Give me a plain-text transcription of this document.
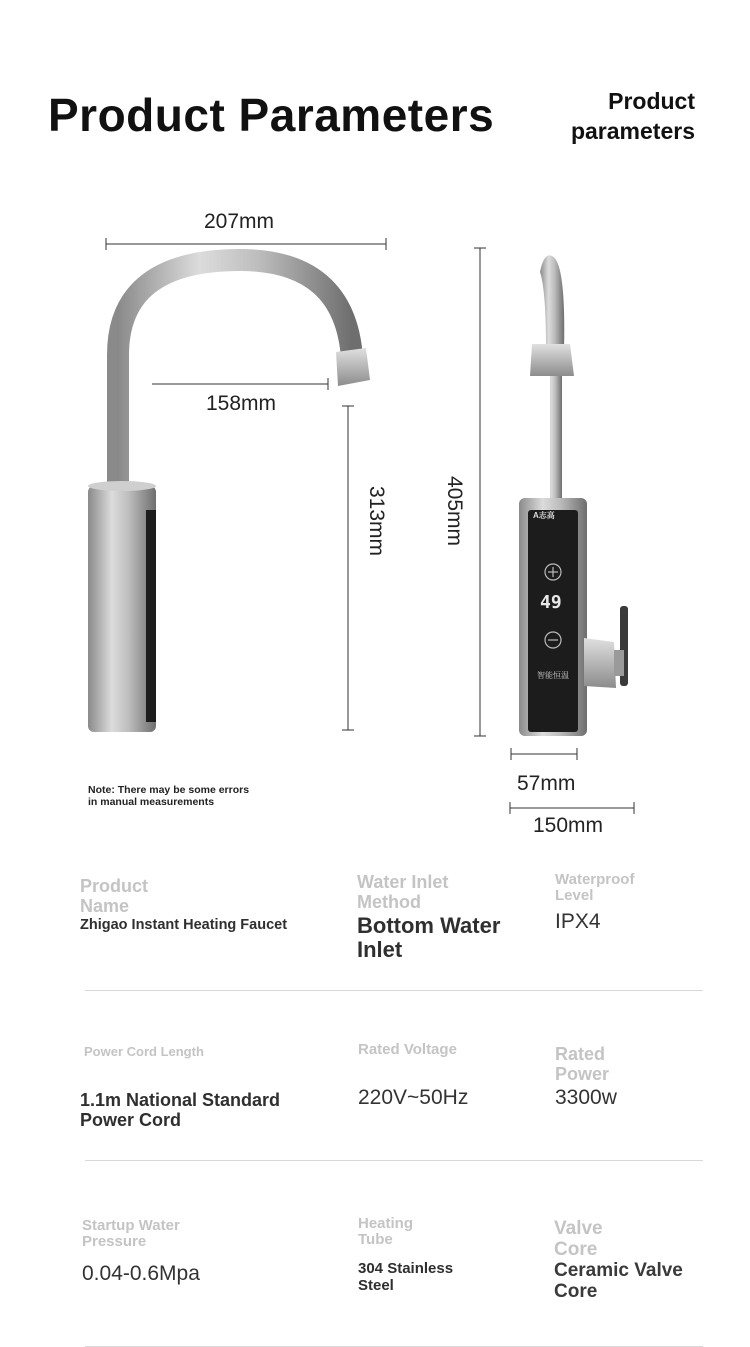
Product Parameters	Product
parameters
207mm
158mm
313mm	405mm
57mm
150mm
A志高
49
智能恒温
Note: There may be some errors
in manual measurements
Product
Name
Zhigao Instant Heating Faucet
Water Inlet
Method
Bottom Water
Inlet
Waterproof
Level
IPX4
Power Cord Length
1.1m National Standard
Power Cord
Rated Voltage
220V~50Hz
Rated
Power
3300w
Startup Water
Pressure
0.04-0.6Mpa
Heating
Tube
304 Stainless
Steel
Valve
Core
Ceramic Valve
Core
